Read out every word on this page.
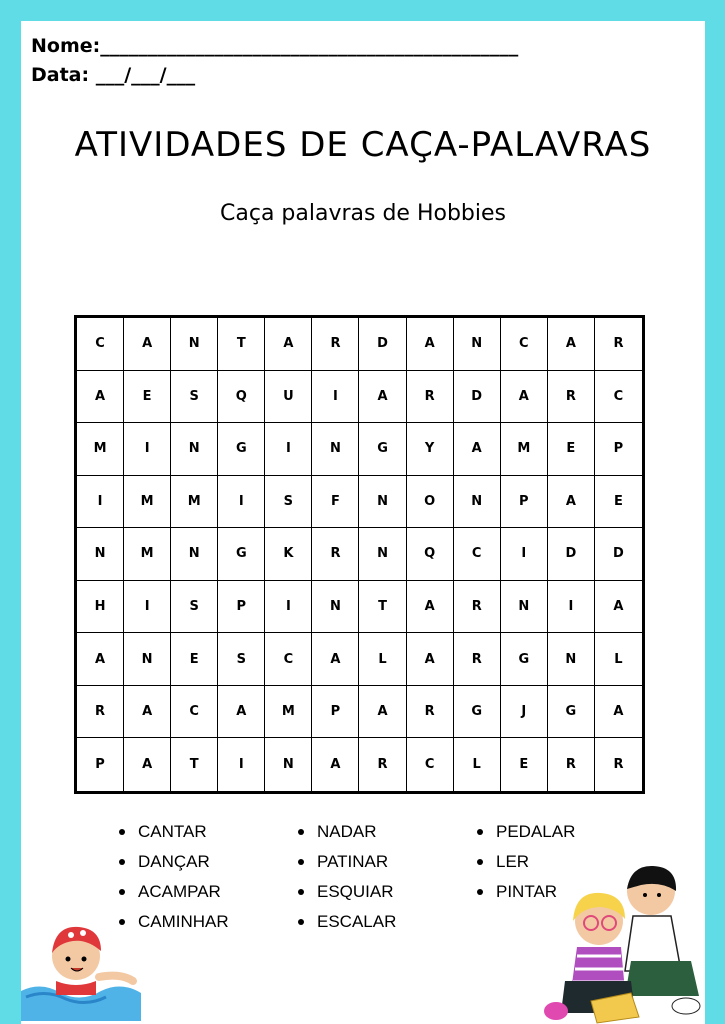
Nome:____________________________________________
Data: ___/___/___
ATIVIDADES DE CAÇA-PALAVRAS
Caça palavras de Hobbies
C	A	N	T	A	R	D	A	N	C	A	R
A	E	S	Q	U	I	A	R	D	A	R	C
M	I	N	G	I	N	G	Y	A	M	E	P
I	M	M	I	S	F	N	O	N	P	A	E
N	M	N	G	K	R	N	Q	C	I	D	D
H	I	S	P	I	N	T	A	R	N	I	A
A	N	E	S	C	A	L	A	R	G	N	L
R	A	C	A	M	P	A	R	G	J	G	A
P	A	T	I	N	A	R	C	L	E	R	R
CANTAR
DANÇAR
ACAMPAR
CAMINHAR
NADAR
PATINAR
ESQUIAR
ESCALAR
PEDALAR
LER
PINTAR
